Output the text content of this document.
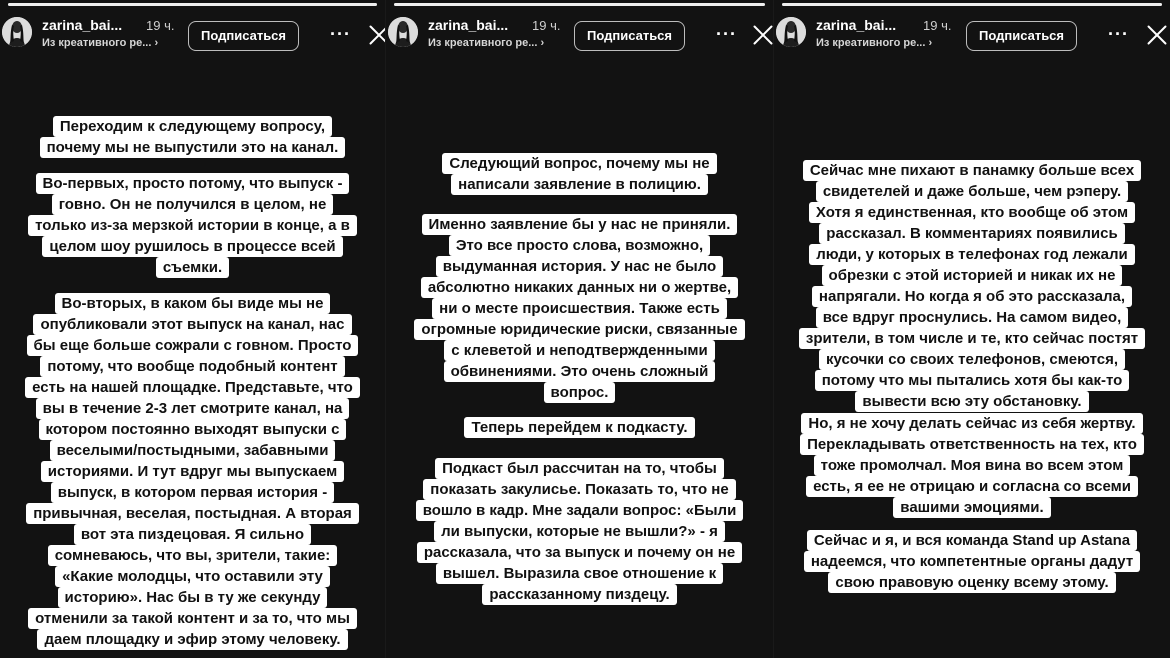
zarina_bai... 19 ч.
Из креативного ре... ›	Подписаться	···
Переходим к следующему вопросу,
почему мы не выпустили это на канал.
Во-первых, просто потому, что выпуск -
говно. Он не получился в целом, не
только из-за мерзкой истории в конце, а в
целом шоу рушилось в процессе всей
съемки.
Во-вторых, в каком бы виде мы не
опубликовали этот выпуск на канал, нас
бы еще больше сожрали с говном. Просто
потому, что вообще подобный контент
есть на нашей площадке. Представьте, что
вы в течение 2-3 лет смотрите канал, на
котором постоянно выходят выпуски с
веселыми/постыдными, забавными
историями. И тут вдруг мы выпускаем
выпуск, в котором первая история -
привычная, веселая, постыдная. А вторая
вот эта пиздецовая. Я сильно
сомневаюсь, что вы, зрители, такие:
«Какие молодцы, что оставили эту
историю». Нас бы в ту же секунду
отменили за такой контент и за то, что мы
даем площадку и эфир этому человеку.
zarina_bai... 19 ч.
Из креативного ре... ›	Подписаться	···
Следующий вопрос, почему мы не
написали заявление в полицию.
Именно заявление бы у нас не приняли.
Это все просто слова, возможно,
выдуманная история. У нас не было
абсолютно никаких данных ни о жертве,
ни о месте происшествия. Также есть
огромные юридические риски, связанные
с клеветой и неподтвержденными
обвинениями. Это очень сложный
вопрос.
Теперь перейдем к подкасту.
Подкаст был рассчитан на то, чтобы
показать закулисье. Показать то, что не
вошло в кадр. Мне задали вопрос: «Были
ли выпуски, которые не вышли?» - я
рассказала, что за выпуск и почему он не
вышел. Выразила свое отношение к
рассказанному пиздецу.
zarina_bai... 19 ч.
Из креативного ре... ›	Подписаться	···
Сейчас мне пихают в панамку больше всех
свидетелей и даже больше, чем рэперу.
Хотя я единственная, кто вообще об этом
рассказал. В комментариях появились
люди, у которых в телефонах год лежали
обрезки с этой историей и никак их не
напрягали. Но когда я об это рассказала,
все вдруг проснулись. На самом видео,
зрители, в том числе и те, кто сейчас постят
кусочки со своих телефонов, смеются,
потому что мы пытались хотя бы как-то
вывести всю эту обстановку.
Но, я не хочу делать сейчас из себя жертву.
Перекладывать ответственность на тех, кто
тоже промолчал. Моя вина во всем этом
есть, я ее не отрицаю и согласна со всеми
вашими эмоциями.
Сейчас и я, и вся команда Stand up Astana
надеемся, что компетентные органы дадут
свою правовую оценку всему этому.
